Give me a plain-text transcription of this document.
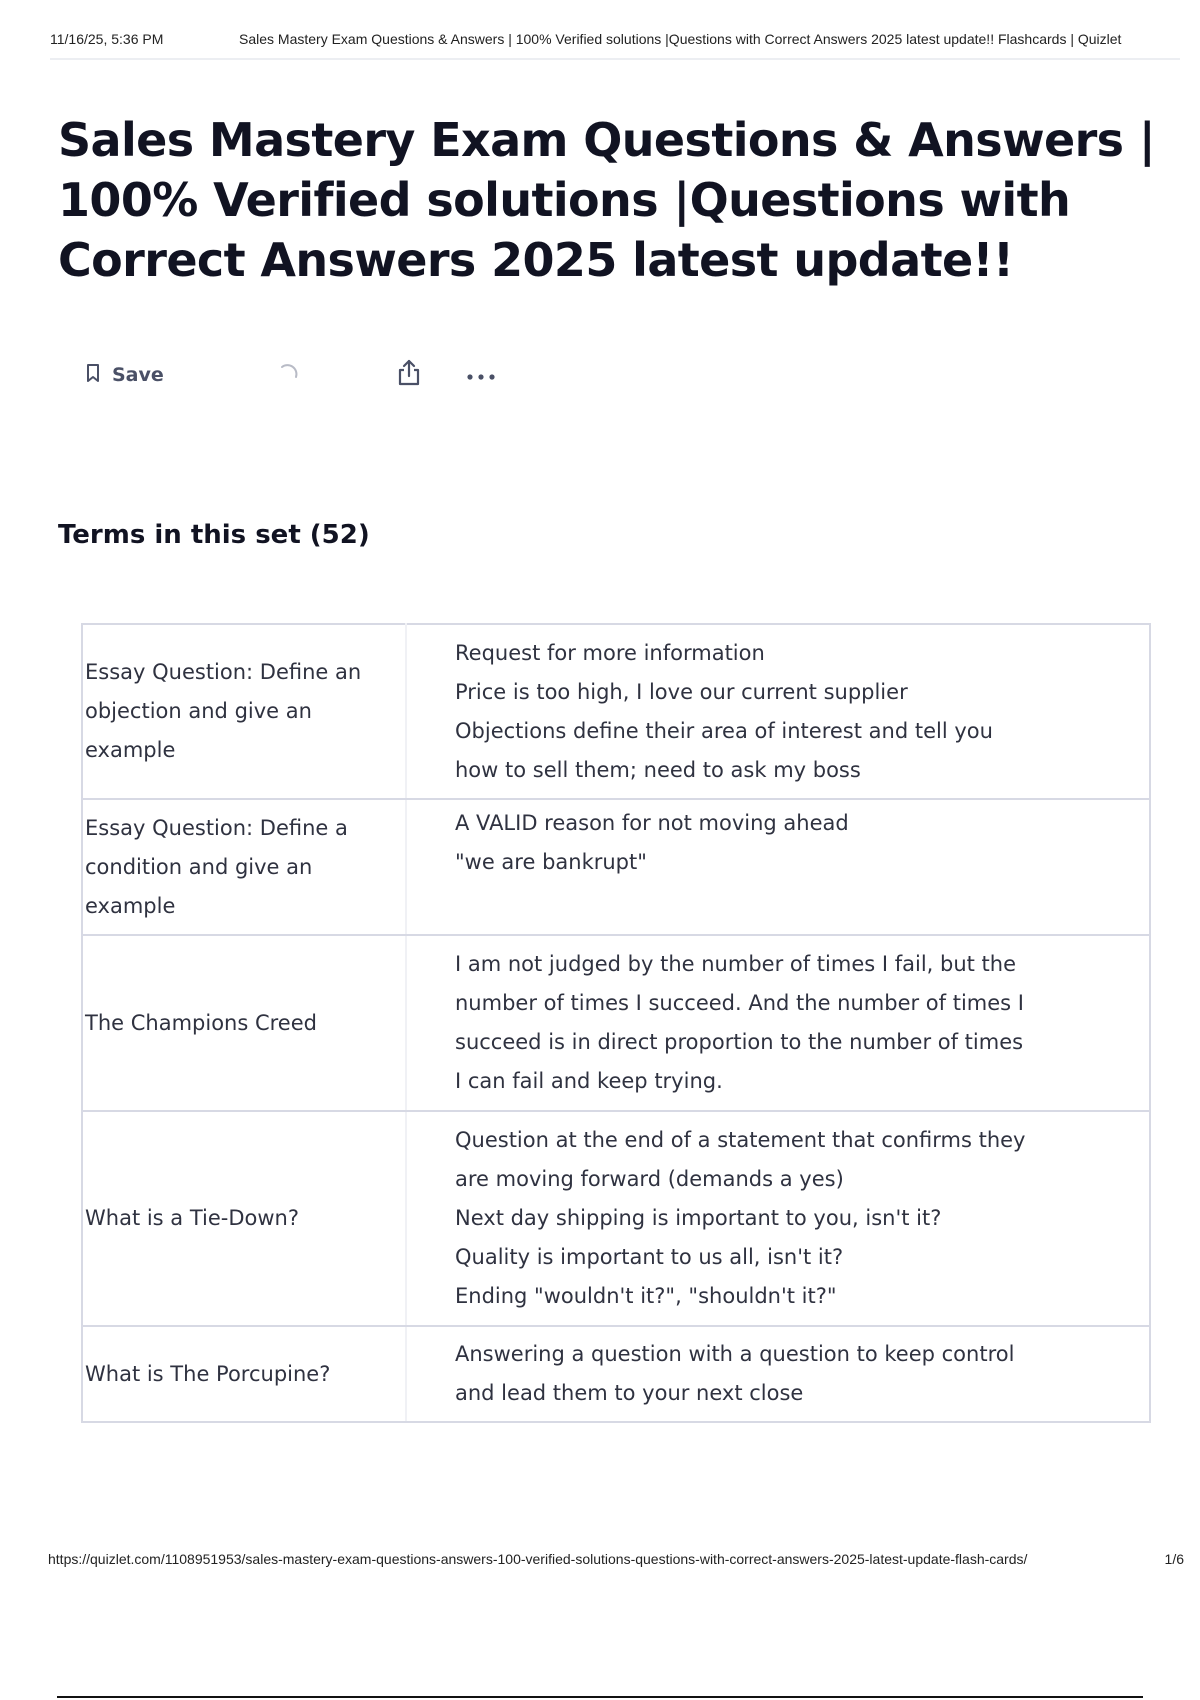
11/16/25, 5:36 PM	Sales Mastery Exam Questions & Answers | 100% Verified solutions |Questions with Correct Answers 2025 latest update!! Flashcards | Quizlet
Sales Mastery Exam Questions & Answers | 100% Verified solutions |Questions with Correct Answers 2025 latest update!!
Save
Terms in this set (52)
Essay Question: Define an objection and give an example	Request for more information
Price is too high, I love our current supplier
Objections define their area of interest and tell you
how to sell them; need to ask my boss

Essay Question: Define a condition and give an example	A VALID reason for not moving ahead
"we are bankrupt"

The Champions Creed	I am not judged by the number of times I fail, but the
number of times I succeed. And the number of times I
succeed is in direct proportion to the number of times
I can fail and keep trying.

What is a Tie-Down?	Question at the end of a statement that confirms they
are moving forward (demands a yes)
Next day shipping is important to you, isn't it?
Quality is important to us all, isn't it?
Ending "wouldn't it?", "shouldn't it?"

What is The Porcupine?	Answering a question with a question to keep control
and lead them to your next close
https://quizlet.com/1108951953/sales-mastery-exam-questions-answers-100-verified-solutions-questions-with-correct-answers-2025-latest-update-flash-cards/	1/6
